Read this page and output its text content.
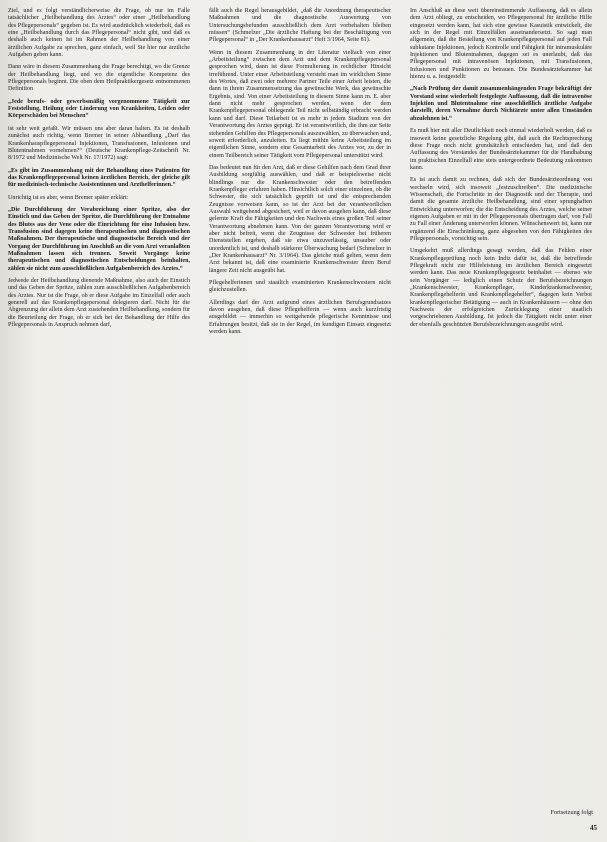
Ziel, und es folgt verständlicherweise die Frage, ob nur im Falle tatsächlicher „Heilbehandlung des Arztes“ oder einer „Heilbehandlung des Pflegepersonals“ gegeben ist. Es wird ausdrücklich wiederholt, daß es eine „Heilbehandlung durch das Pflegepersonal“ nicht gibt, und daß es deshalb auch keinen Ist im Rahmen der Heilbehandlung von einer ärztlichen Aufgabe zu sprechen, ganz einfach, weil Sie hier nur ärztliche Aufgaben geben kann.

Dann wäre in diesem Zusammenhang die Frage berechtigt, wo die Grenze der Heilbehandlung liegt, und wo die eigentliche Kompetenz des Pflegepersonals beginnt. Die oben dem Heilpraktikergesetz entnommenen Definition

„Jede berufs- oder gewerbsmäßig vorgenommene Tätigkeit zur Feststellung, Heilung oder Linderung von Krankheiten, Leiden oder Körperschäden bei Menschen“

ist sehr weit gefaßt. Wir müssen uns aber daran halten. Es ist deshalb zunächst auch richtig, wenn Bremer in seiner Abhandlung „Darf das Krankenhauspflegepersonal Injektionen, Transfusionen, Infusionen und Blutentnahmen vornehmen?“ (Deutsche Krankenpflege-Zeitschrift Nr. 8/1972 und Medizinische Welt Nr. 17/1972) sagt:

„Es gibt im Zusammenhang mit der Behandlung eines Patienten für das Krankenpflegepersonal keinen ärztlichen Bereich, der gleiche gilt für medizinisch-technische Assistentinnen und Arzthelferinnen.“

Unrichtig ist es aber, wenn Bremer später erklärt:

„Die Durchführung der Verabreichung einer Spritze, also der Einstich und das Geben der Spritze, die Durchführung der Entnahme des Blutes aus der Vene oder die Einrichtung für eine Infusion bzw. Transfusion sind dagegen keine therapeutischen und diagnostischen Maßnahmen. Der therapeutische und diagnostische Bereich und der Vorgang der Durchführung im Anschluß an die vom Arzt veranlaßten Maßnahmen lassen sich trennen. Soweit Vorgänge keine therapeutischen und diagnostischen Entscheidungen beinhalten, zählen sie nicht zum ausschließlichen Aufgabenbereich des Arztes.“

Jedwede der Heilbehandlung dienende Maßnahme, also auch der Einstich und das Geben der Spritze, zählen zum ausschließlichen Aufgabenbereich des Arztes. Nur ist die Frage, ob er diese Aufgabe im Einzelfall oder auch generell auf das Krankenpflegepersonal delegieren darf. Nicht für die Abgrenzung der allein dem Arzt zustehenden Heilbehandlung, sondern für die Beurteilung der Frage, ob er sich bei der Behandlung der Hilfe des Pflegepersonals in Anspruch nehmen darf,

fällt auch die Regel herausgebildet, „daß die Anordnung therapeutischer Maßnahmen und die diagnostische Auswertung von Untersuchungsbefunden ausschließlich dem Arzt vorbehalten bleiben müssen“ (Schmelzer „Die ärztliche Haftung bei der Beschäftigung von Pflegepersonal“ in „Der Krankenhausarzt“ Heft 3/1964, Seite 81).

Wenn in diesem Zusammenhang in der Literatur vielfach von einer „Arbeitsteilung“ zwischen dem Arzt und dem Krankenpflegepersonal gesprochen wird, dann ist diese Formulierung in rechtlicher Hinsicht irreführend. Unter einer Arbeitsteilung versteht man im wirklichen Sinne des Wortes, daß zwei oder mehrere Partner Teile einer Arbeit leisten, die dann in ihrem Zusammensetzung das gewünschte Werk, das gewünschte Ergebnis, sind. Von einer Arbeitsteilung in diesem Sinne kann m. E. aber dann nicht mehr gesprochen werden, wenn der dem Krankenpflegepersonal obliegende Teil nicht selbständig erbracht werden kann und darf. Diese Teilarbeit ist es mehr in jedem Stadium von der Verantwortung des Arztes geprägt. Er ist verantwortlich, die ihm zur Seite stehenden Gehilfen des Pflegepersonals auszuwählen, zu überwachen und, soweit erforderlich, anzuleiten. Es liegt mithin keine Arbeitsteilung im eigentlichen Sinne, sondern eine Gesamtarbeit des Arztes vor, zu der in einem Teilbereich seiner Tätigkeit vom Pflegepersonal unterstützt wird.

Das bedeutet nun für den Arzt, daß er diese Gehilfen nach dem Grad ihrer Ausbildung sorgfältig auswählen, und daß er beispielsweise nicht blindlings nur die Krankenschwester oder den betreffenden Krankenpfleger erfahren haben. Hinsichtlich solch einer einzelnen, ob die Schwester, die sich tatsächlich geprüft ist und die entsprechenden Zeugnisse vorweisen kann, so ist der Arzt bei der verantwortlichen Auswahl weitgehend abgesichert, weil er davon ausgehen kann, daß diese gelernte Kraft die Fähigkeiten und den Nachweis eines großen Teil seiner Verantwortung abnehmen kann. Von der ganzen Verantwortung wird er aber nicht befreit, wenn die Zeugnisse der Schwester bei früheren Dienststellen ergeben, daß sie etwa unzuverlässig, unsauber oder unordentlich ist, und deshalb stärkerer Überwachung bedarf (Schmelzer in „Der Krankenhausarzt“ Nr. 3/1964). Das gleiche muß gelten, wenn dem Arzt bekannt ist, daß eine examinierte Krankenschwester ihren Beruf längere Zeit nicht ausgeübt hat.

Pflegehelferinnen und staatlich examinierten Krankenschwestern nicht gleichzustellen.

Allerdings darf der Arzt aufgrund eines ärztlichen Berufsgrundsatzes davon ausgehen, daß diese Pflegehelferin — wenn auch kurzfristig ausgebildet — immerhin so weitgehende pflegerische Kenntnisse und Erfahrungen besitzt, daß sie in der Regel, im kundigen Einsatz eingesetzt werden kann.

Im Anschluß an diese weit übereinstimmende Auffassung, daß es allein dem Arzt obliegt, zu entscheiden, wo Pflegepersonal für ärztliche Hilfe eingesetzt werden kann, hat sich eine gewisse Kasuistik entwickelt, die sich in der Regel mit Einzelfällen auseinandersetzt. So sagt man allgemein, daß die Bestellung von Krankenpflegepersonal auf jeden Fall subkutane Injektionen, jedoch Kontrolle und Fähigkeit für intramuskuläre Injektionen und Blutentnahmen, dagegen sei es unerlaubt, daß das Pflegepersonal mit intravenösen Injektionen, mit Transfusionen, Infusionen und Punktionen zu betrauen. Die Bundesärztekammer hat hierzu u. a. festgestellt:

„Nach Prüfung der damit zusammenhängenden Frage bekräftigt der Vorstand seine wiederholt festgelegte Auffassung, daß die intravenöse Injektion und Blutentnahme eine ausschließlich ärztliche Aufgabe darstellt, deren Vornahme durch Nichtärzte unter allen Umständen abzulehnen ist.“

Es muß hier mit aller Deutlichkeit noch einmal wiederholt werden, daß es insoweit keine gesetzliche Regelung gibt, daß auch die Rechtsprechung diese Frage noch nicht grundsätzlich entschieden hat, und daß den Auffassung des Vorstandes der Bundesärztekammer für die Handhabung im praktischen Einzelfall eine stets untergeordnete Bedeutung zukommen kann.

Es ist auch damit zu rechnen, daß sich der Bundesärzteordnung von wechseln wird, sich insoweit „festzuschreiben“. Die medizinische Wissenschaft, die Fortschritte in der Diagnostik und der Therapie, und damit die gesamte ärztliche Heilbehandlung, sind einer sprunghaften Entwicklung unterworfen; die die Entscheidung des Arztes, welche seiner eigenen Aufgaben er mit in der Pflegepersonals übertragen darf, von Fall zu Fall einer Änderung unterworfen können. Wünschenswert ist, kann nur ergänzend die Einschränkung, ganz abgesehen von den Fähigkeiten des Pflegepersonals, vorsichtig sein.

Umgekehrt muß allerdings gesagt werden, daß das Fehlen einer Krankenpflegeprüfung noch kein Indiz dafür ist, daß die betreffende Pflegekraft nicht zur Hilfeleistung im ärztlichen Bereich eingesetzt werden kann. Das neue Krankenpflegegesetz beinhaltet — ebenso wie sein Vorgänger — lediglich einen Schutz der Berufsbezeichnungen „Krankenschwester, Krankenpfleger, Kinderkrankenschwester, Krankenpflegehelferin und Krankenpflegehelfer“, dagegen kein Verbot krankenpflegerischer Betätigung — auch in Krankenhäusern — ohne den Nachweis der erfolgreichen Zurücklegung einer staatlich vorgeschriebenen Ausbildung. Ist jedoch die Tätigkeit nicht unter einer der ebenfalls geschützten Berufsbezeichnungen ausgeübt wird.

Fortsetzung folgt
45
